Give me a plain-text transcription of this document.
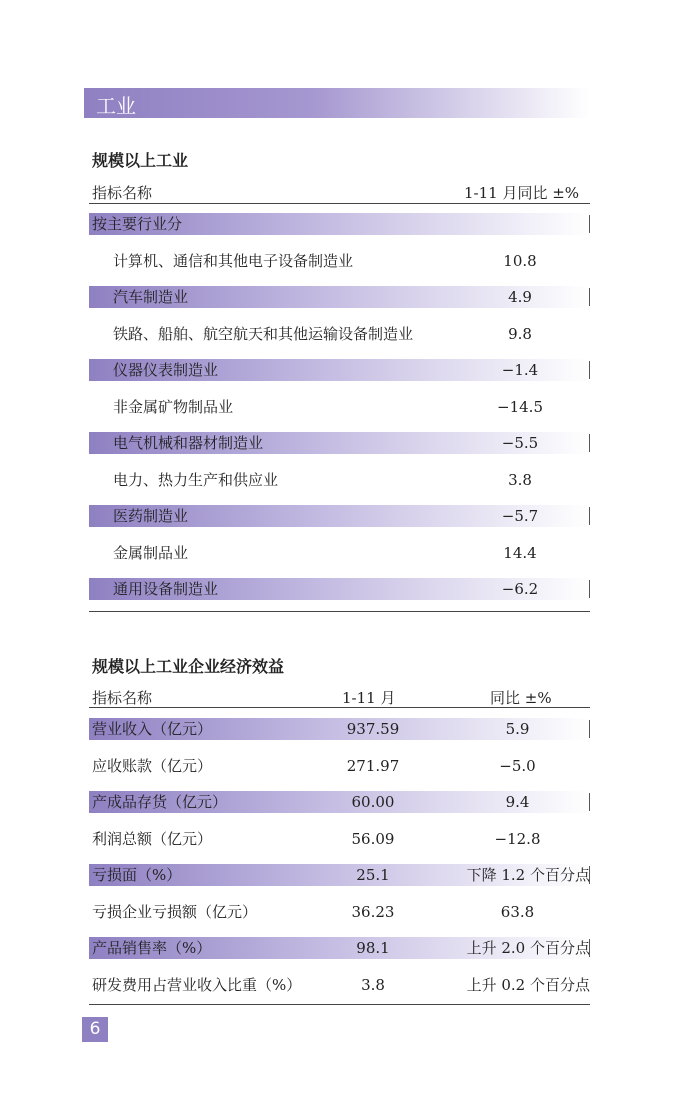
工业
规模以上工业
指标名称	1-11 月同比 ±%
按主要行业分
计算机、通信和其他电子设备制造业	10.8
汽车制造业	4.9
铁路、船舶、航空航天和其他运输设备制造业	9.8
仪器仪表制造业	−1.4
非金属矿物制品业	−14.5
电气机械和器材制造业	−5.5
电力、热力生产和供应业	3.8
医药制造业	−5.7
金属制品业	14.4
通用设备制造业	−6.2
规模以上工业企业经济效益
指标名称	1-11 月	同比 ±%
营业收入（亿元）	937.59	5.9
应收账款（亿元）	271.97	−5.0
产成品存货（亿元）	60.00	9.4
利润总额（亿元）	56.09	−12.8
亏损面（%）	25.1	下降 1.2 个百分点
亏损企业亏损额（亿元）	36.23	63.8
产品销售率（%）	98.1	上升 2.0 个百分点
研发费用占营业收入比重（%）	3.8	上升 0.2 个百分点
6
